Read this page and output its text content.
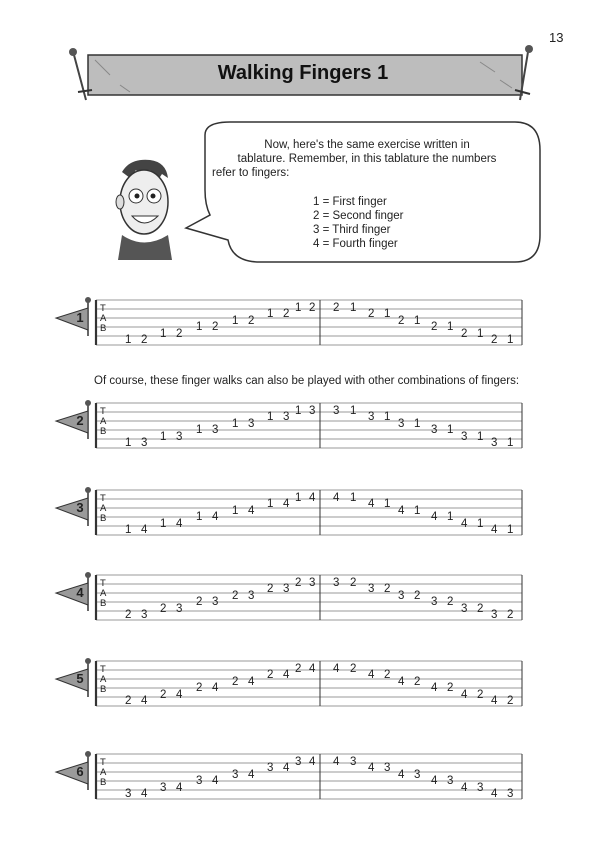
13
Walking Fingers 1
Now, here's the same exercise written in
tablature. Remember, in this tablature the numbers
refer to fingers:
1 = First finger
2 = Second finger
3 = Third finger
4 = Fourth finger
Of course, these finger walks can also be played with other combinations of fingers:
1
T
A
B
1 2
1 2
1 2
1 2
1 2
1 2 2 1
2 1
2 1
2 1
2 1
2 1
2
T
A
B
1 3
1 3
1 3
1 3
1 3
1 3 3 1
3 1
3 1
3 1
3 1
3 1
3
T
A
B
1 4
1 4
1 4
1 4
1 4
1 4 4 1
4 1
4 1
4 1
4 1
4 1
4
T
A
B
2 3
2 3
2 3
2 3
2 3
2 3 3 2
3 2
3 2
3 2
3 2
3 2
5
T
A
B
2 4
2 4
2 4
2 4
2 4
2 4 4 2
4 2
4 2
4 2
4 2
4 2
6
T
A
B
3 4
3 4
3 4
3 4
3 4
3 4 4 3
4 3
4 3
4 3
4 3
4 3
